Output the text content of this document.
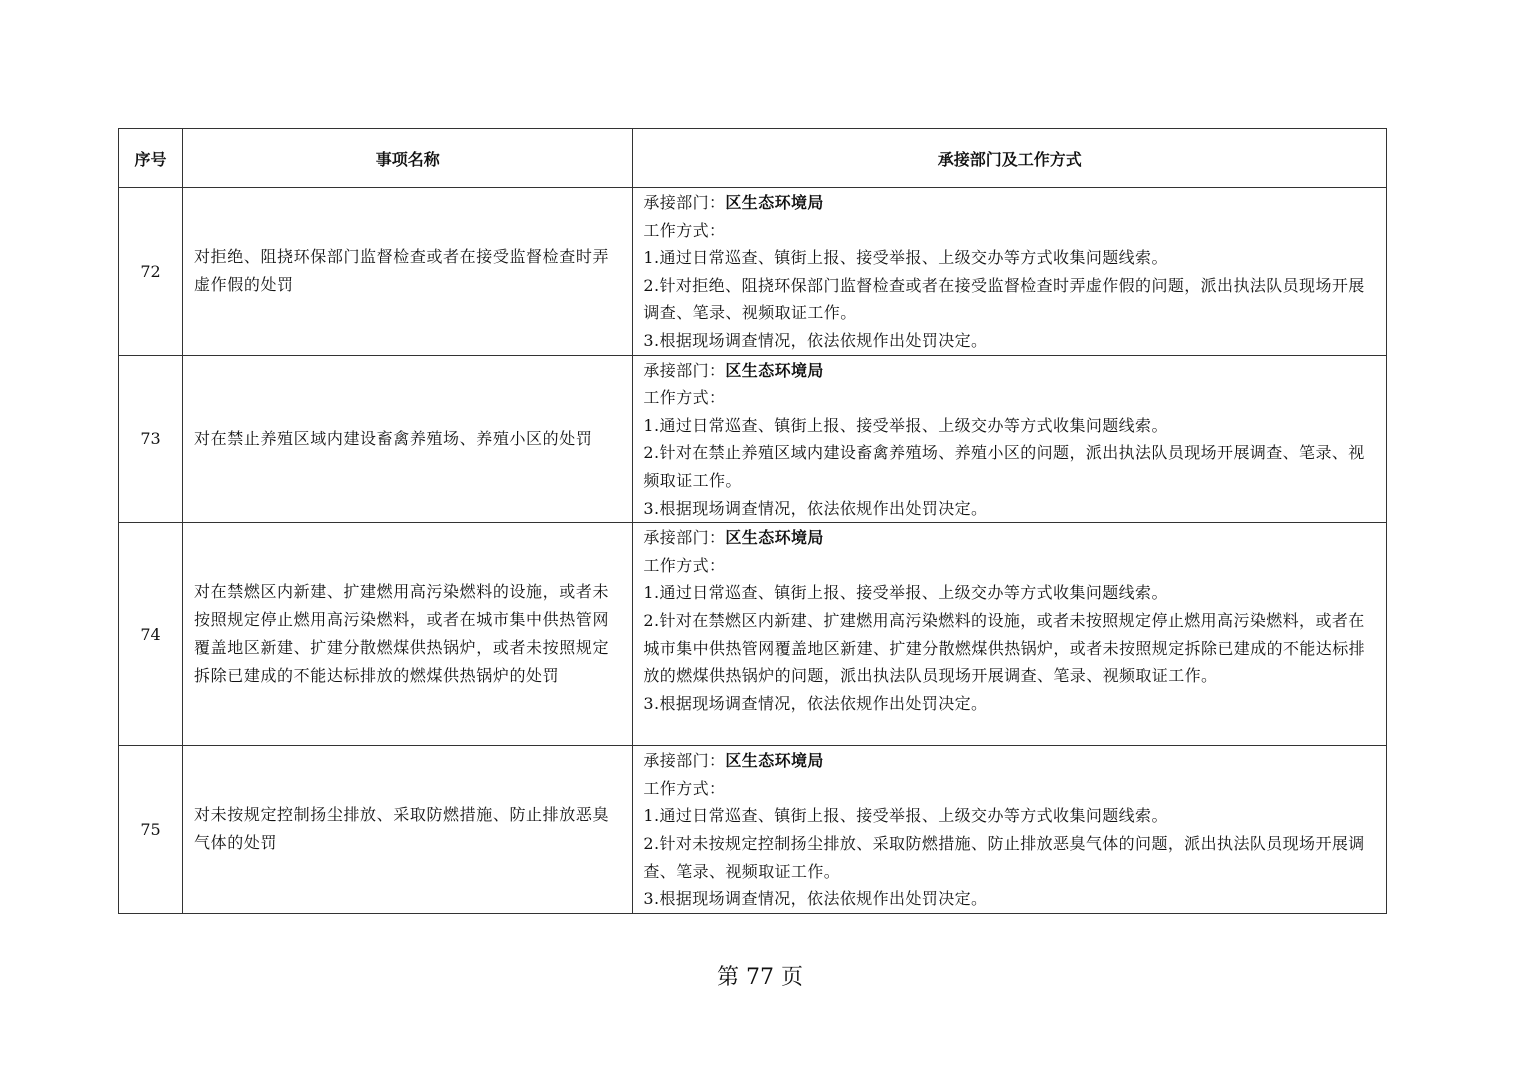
序号	事项名称	承接部门及工作方式
72	对拒绝、阻挠环保部门监督检查或者在接受监督检查时弄虚作假的处罚	承接部门：区生态环境局
工作方式：
1.通过日常巡查、镇街上报、接受举报、上级交办等方式收集问题线索。
2.针对拒绝、阻挠环保部门监督检查或者在接受监督检查时弄虚作假的问题，派出执法队员现场开展调查、笔录、视频取证工作。
3.根据现场调查情况，依法依规作出处罚决定。

73	对在禁止养殖区域内建设畜禽养殖场、养殖小区的处罚	承接部门：区生态环境局
工作方式：
1.通过日常巡查、镇街上报、接受举报、上级交办等方式收集问题线索。
2.针对在禁止养殖区域内建设畜禽养殖场、养殖小区的问题，派出执法队员现场开展调查、笔录、视频取证工作。
3.根据现场调查情况，依法依规作出处罚决定。

74	对在禁燃区内新建、扩建燃用高污染燃料的设施，或者未按照规定停止燃用高污染燃料，或者在城市集中供热管网覆盖地区新建、扩建分散燃煤供热锅炉，或者未按照规定拆除已建成的不能达标排放的燃煤供热锅炉的处罚	承接部门：区生态环境局
工作方式：
1.通过日常巡查、镇街上报、接受举报、上级交办等方式收集问题线索。
2.针对在禁燃区内新建、扩建燃用高污染燃料的设施，或者未按照规定停止燃用高污染燃料，或者在城市集中供热管网覆盖地区新建、扩建分散燃煤供热锅炉，或者未按照规定拆除已建成的不能达标排放的燃煤供热锅炉的问题，派出执法队员现场开展调查、笔录、视频取证工作。
3.根据现场调查情况，依法依规作出处罚决定。

75	对未按规定控制扬尘排放、采取防燃措施、防止排放恶臭气体的处罚	承接部门：区生态环境局
工作方式：
1.通过日常巡查、镇街上报、接受举报、上级交办等方式收集问题线索。
2.针对未按规定控制扬尘排放、采取防燃措施、防止排放恶臭气体的问题，派出执法队员现场开展调查、笔录、视频取证工作。
3.根据现场调查情况，依法依规作出处罚决定。
第 77 页
